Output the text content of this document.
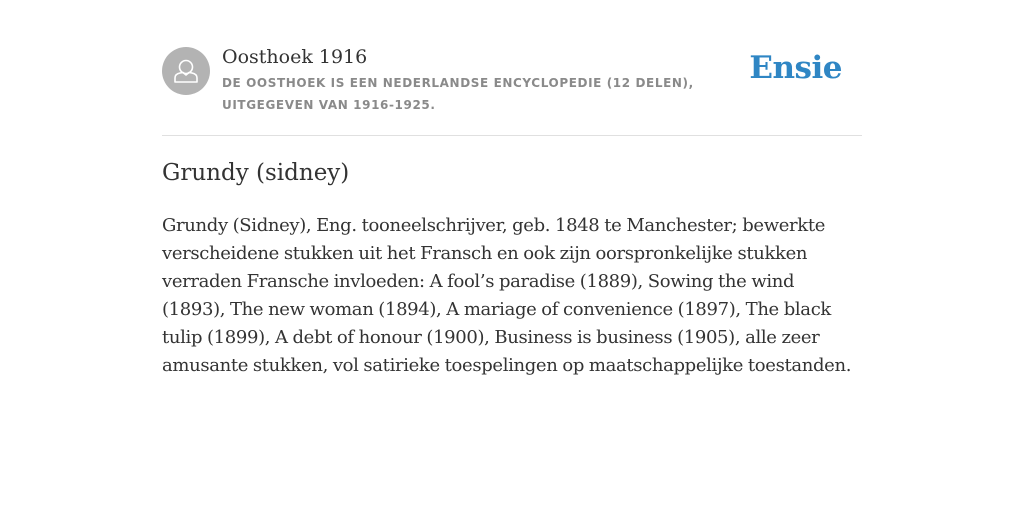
Oosthoek 1916
DE OOSTHOEK IS EEN NEDERLANDSE ENCYCLOPEDIE (12 DELEN), UITGEGEVEN VAN 1916-1925.
Ensie
Grundy (sidney)

Grundy (Sidney), Eng. tooneelschrijver, geb. 1848 te Manchester; bewerkte verscheidene stukken uit het Fransch en ook zijn oorspronkelijke stukken verraden Fransche invloeden: A fool’s paradise (1889), Sowing the wind (1893), The new woman (1894), A mariage of convenience (1897), The black tulip (1899), A debt of honour (1900), Business is business (1905), alle zeer amusante stukken, vol satirieke toespelingen op maatschappelijke toestanden.
